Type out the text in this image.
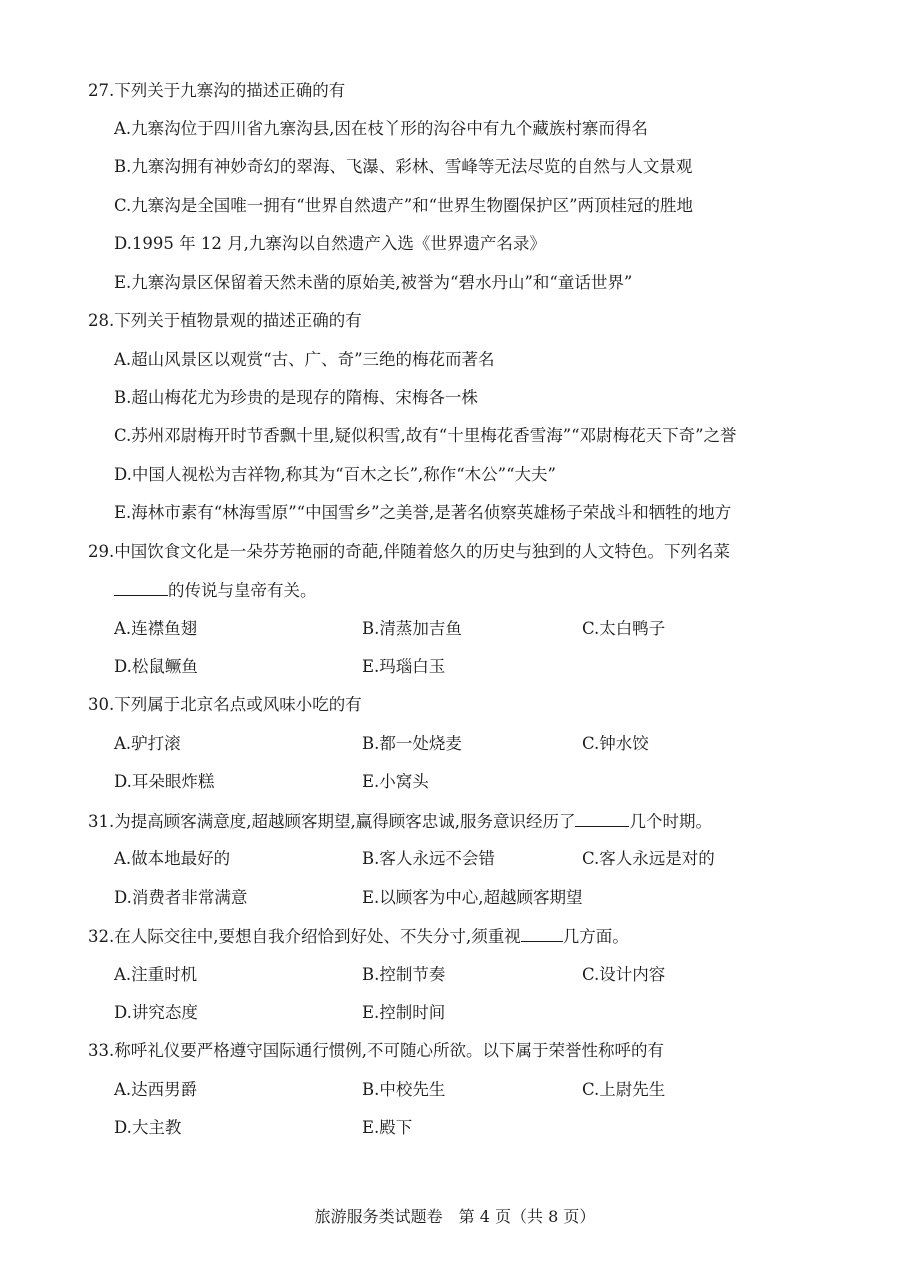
27.下列关于九寨沟的描述正确的有
A.九寨沟位于四川省九寨沟县,因在枝丫形的沟谷中有九个藏族村寨而得名
B.九寨沟拥有神妙奇幻的翠海、飞瀑、彩林、雪峰等无法尽览的自然与人文景观
C.九寨沟是全国唯一拥有“世界自然遗产”和“世界生物圈保护区”两顶桂冠的胜地
D.1995 年 12 月,九寨沟以自然遗产入选《世界遗产名录》
E.九寨沟景区保留着天然未凿的原始美,被誉为“碧水丹山”和“童话世界”
28.下列关于植物景观的描述正确的有
A.超山风景区以观赏“古、广、奇”三绝的梅花而著名
B.超山梅花尤为珍贵的是现存的隋梅、宋梅各一株
C.苏州邓尉梅开时节香飘十里,疑似积雪,故有“十里梅花香雪海”“邓尉梅花天下奇”之誉
D.中国人视松为吉祥物,称其为“百木之长”,称作“木公”“大夫”
E.海林市素有“林海雪原”“中国雪乡”之美誉,是著名侦察英雄杨子荣战斗和牺牲的地方
29.中国饮食文化是一朵芬芳艳丽的奇葩,伴随着悠久的历史与独到的人文特色。下列名菜
的传说与皇帝有关。
A.连襟鱼翅	B.清蒸加吉鱼	C.太白鸭子
D.松鼠鳜鱼	E.玛瑙白玉
30.下列属于北京名点或风味小吃的有
A.驴打滚	B.都一处烧麦	C.钟水饺
D.耳朵眼炸糕	E.小窝头
31.为提高顾客满意度,超越顾客期望,赢得顾客忠诚,服务意识经历了	几个时期。
A.做本地最好的	B.客人永远不会错	C.客人永远是对的
D.消费者非常满意	E.以顾客为中心,超越顾客期望
32.在人际交往中,要想自我介绍恰到好处、不失分寸,须重视	几方面。
A.注重时机	B.控制节奏	C.设计内容
D.讲究态度	E.控制时间
33.称呼礼仪要严格遵守国际通行惯例,不可随心所欲。以下属于荣誉性称呼的有
A.达西男爵	B.中校先生	C.上尉先生
D.大主教	E.殿下
旅游服务类试题卷　第 4 页（共 8 页）
